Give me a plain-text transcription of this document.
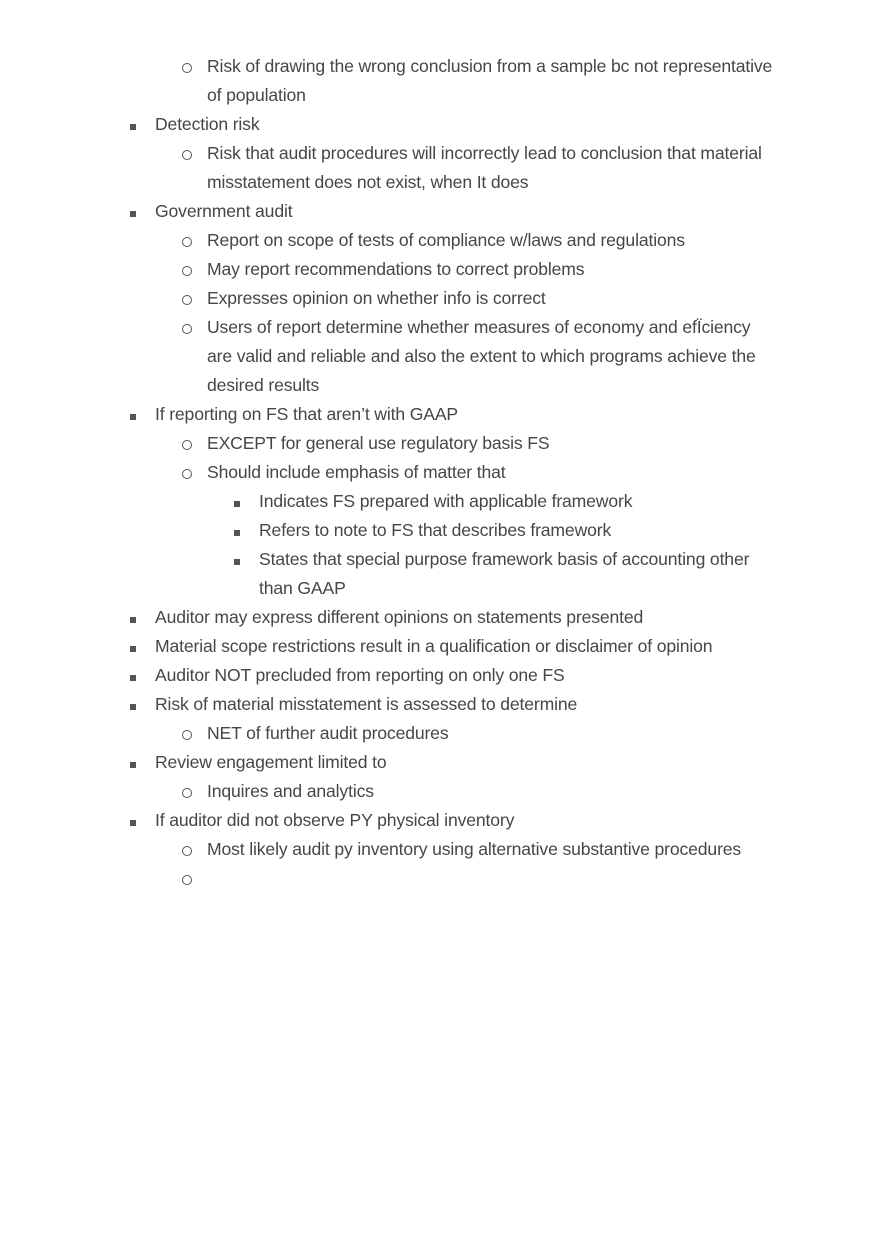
Risk of drawing the wrong conclusion from a sample bc not representative of population
Detection risk
Risk that audit procedures will incorrectly lead to conclusion that material misstatement does not exist, when It does
Government audit
Report on scope of tests of compliance w/laws and regulations
May report recommendations to correct problems
Expresses opinion on whether info is correct
Users of report determine whether measures of economy and efÏciency are valid and reliable and also the extent to which programs achieve the desired results
If reporting on FS that aren’t with GAAP
EXCEPT for general use regulatory basis FS
Should include emphasis of matter that
Indicates FS prepared with applicable framework
Refers to note to FS that describes framework
States that special purpose framework basis of accounting other than GAAP
Auditor may express different opinions on statements presented
Material scope restrictions result in a qualification or disclaimer of opinion
Auditor NOT precluded from reporting on only one FS
Risk of material misstatement is assessed to determine
NET of further audit procedures
Review engagement limited to
Inquires and analytics
If auditor did not observe PY physical inventory
Most likely audit py inventory using alternative substantive procedures
